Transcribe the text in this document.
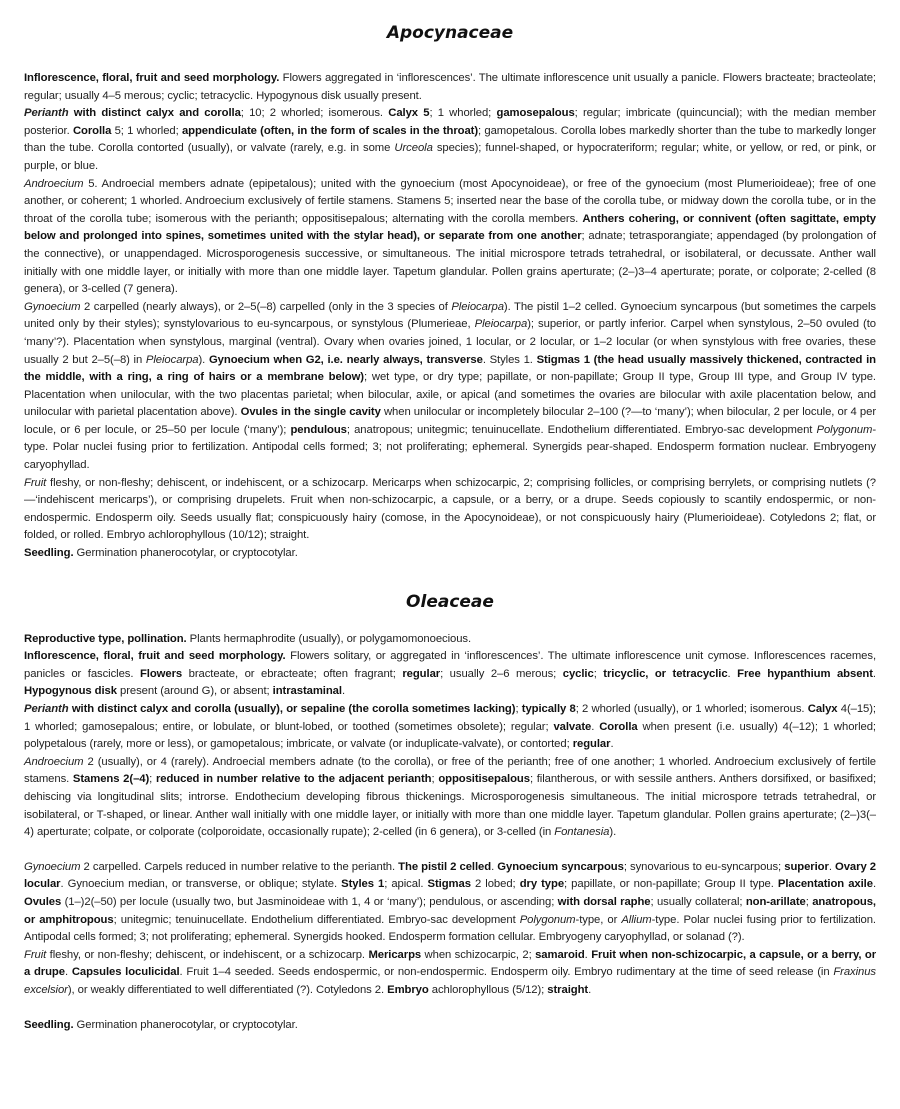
Apocynaceae

Inflorescence, floral, fruit and seed morphology. Flowers aggregated in ‘inflorescences’. The ultimate inflorescence unit usually a panicle. Flowers bracteate; bracteolate; regular; usually 4–5 merous; cyclic; tetracyclic. Hypogynous disk usually present.

Perianth with distinct calyx and corolla; 10; 2 whorled; isomerous. Calyx 5; 1 whorled; gamosepalous; regular; imbricate (quincuncial); with the median member posterior. Corolla 5; 1 whorled; appendiculate (often, in the form of scales in the throat); gamopetalous. Corolla lobes markedly shorter than the tube to markedly longer than the tube. Corolla contorted (usually), or valvate (rarely, e.g. in some Urceola species); funnel-shaped, or hypocrateriform; regular; white, or yellow, or red, or pink, or purple, or blue.

Androecium 5. Androecial members adnate (epipetalous); united with the gynoecium (most Apocynoideae), or free of the gynoecium (most Plumerioideae); free of one another, or coherent; 1 whorled. Androecium exclusively of fertile stamens. Stamens 5; inserted near the base of the corolla tube, or midway down the corolla tube, or in the throat of the corolla tube; isomerous with the perianth; oppositisepalous; alternating with the corolla members. Anthers cohering, or connivent (often sagittate, empty below and prolonged into spines, sometimes united with the stylar head), or separate from one another; adnate; tetrasporangiate; appendaged (by prolongation of the connective), or unappendaged. Microsporogenesis successive, or simultaneous. The initial microspore tetrads tetrahedral, or isobilateral, or decussate. Anther wall initially with one middle layer, or initially with more than one middle layer. Tapetum glandular. Pollen grains aperturate; (2–)3–4 aperturate; porate, or colporate; 2-celled (8 genera), or 3-celled (7 genera).

Gynoecium 2 carpelled (nearly always), or 2–5(–8) carpelled (only in the 3 species of Pleiocarpa). The pistil 1–2 celled. Gynoecium syncarpous (but sometimes the carpels united only by their styles); synstylovarious to eu-syncarpous, or synstylous (Plumerieae, Pleiocarpa); superior, or partly inferior. Carpel when synstylous, 2–50 ovuled (to ‘many’?). Placentation when synstylous, marginal (ventral). Ovary when ovaries joined, 1 locular, or 2 locular, or 1–2 locular (or when synstylous with free ovaries, these usually 2 but 2–5(–8) in Pleiocarpa). Gynoecium when G2, i.e. nearly always, transverse. Styles 1. Stigmas 1 (the head usually massively thickened, contracted in the middle, with a ring, a ring of hairs or a membrane below); wet type, or dry type; papillate, or non-papillate; Group II type, Group III type, and Group IV type. Placentation when unilocular, with the two placentas parietal; when bilocular, axile, or apical (and sometimes the ovaries are bilocular with axile placentation below, and unilocular with parietal placentation above). Ovules in the single cavity when unilocular or incompletely bilocular 2–100 (?—to ‘many’); when bilocular, 2 per locule, or 4 per locule, or 6 per locule, or 25–50 per locule (‘many’); pendulous; anatropous; unitegmic; tenuinucellate. Endothelium differentiated. Embryo-sac development Polygonum-type. Polar nuclei fusing prior to fertilization. Antipodal cells formed; 3; not proliferating; ephemeral. Synergids pear-shaped. Endosperm formation nuclear. Embryogeny caryophyllad.

Fruit fleshy, or non-fleshy; dehiscent, or indehiscent, or a schizocarp. Mericarps when schizocarpic, 2; comprising follicles, or comprising berrylets, or comprising nutlets (?—‘indehiscent mericarps’), or comprising drupelets. Fruit when non-schizocarpic, a capsule, or a berry, or a drupe. Seeds copiously to scantily endospermic, or non-endospermic. Endosperm oily. Seeds usually flat; conspicuously hairy (comose, in the Apocynoideae), or not conspicuously hairy (Plumerioideae). Cotyledons 2; flat, or folded, or rolled. Embryo achlorophyllous (10/12); straight.

Seedling. Germination phanerocotylar, or cryptocotylar.

Oleaceae

Reproductive type, pollination. Plants hermaphrodite (usually), or polygamomonoecious.

Inflorescence, floral, fruit and seed morphology. Flowers solitary, or aggregated in ‘inflorescences’. The ultimate inflorescence unit cymose. Inflorescences racemes, panicles or fascicles. Flowers bracteate, or ebracteate; often fragrant; regular; usually 2–6 merous; cyclic; tricyclic, or tetracyclic. Free hypanthium absent. Hypogynous disk present (around G), or absent; intrastaminal.

Perianth with distinct calyx and corolla (usually), or sepaline (the corolla sometimes lacking); typically 8; 2 whorled (usually), or 1 whorled; isomerous. Calyx 4(–15); 1 whorled; gamosepalous; entire, or lobulate, or blunt-lobed, or toothed (sometimes obsolete); regular; valvate. Corolla when present (i.e. usually) 4(–12); 1 whorled; polypetalous (rarely, more or less), or gamopetalous; imbricate, or valvate (or induplicate-valvate), or contorted; regular.

Androecium 2 (usually), or 4 (rarely). Androecial members adnate (to the corolla), or free of the perianth; free of one another; 1 whorled. Androecium exclusively of fertile stamens. Stamens 2(–4); reduced in number relative to the adjacent perianth; oppositisepalous; filantherous, or with sessile anthers. Anthers dorsifixed, or basifixed; dehiscing via longitudinal slits; introrse. Endothecium developing fibrous thickenings. Microsporogenesis simultaneous. The initial microspore tetrads tetrahedral, or isobilateral, or T-shaped, or linear. Anther wall initially with one middle layer, or initially with more than one middle layer. Tapetum glandular. Pollen grains aperturate; (2–)3(–4) aperturate; colpate, or colporate (colporoidate, occasionally rupate); 2-celled (in 6 genera), or 3-celled (in Fontanesia).

Gynoecium 2 carpelled. Carpels reduced in number relative to the perianth. The pistil 2 celled. Gynoecium syncarpous; synovarious to eu-syncarpous; superior. Ovary 2 locular. Gynoecium median, or transverse, or oblique; stylate. Styles 1; apical. Stigmas 2 lobed; dry type; papillate, or non-papillate; Group II type. Placentation axile. Ovules (1–)2(–50) per locule (usually two, but Jasminoideae with 1, 4 or ‘many’); pendulous, or ascending; with dorsal raphe; usually collateral; non-arillate; anatropous, or amphitropous; unitegmic; tenuinucellate. Endothelium differentiated. Embryo-sac development Polygonum-type, or Allium-type. Polar nuclei fusing prior to fertilization. Antipodal cells formed; 3; not proliferating; ephemeral. Synergids hooked. Endosperm formation cellular. Embryogeny caryophyllad, or solanad (?).

Fruit fleshy, or non-fleshy; dehiscent, or indehiscent, or a schizocarp. Mericarps when schizocarpic, 2; samaroid. Fruit when non-schizocarpic, a capsule, or a berry, or a drupe. Capsules loculicidal. Fruit 1–4 seeded. Seeds endospermic, or non-endospermic. Endosperm oily. Embryo rudimentary at the time of seed release (in Fraxinus excelsior), or weakly differentiated to well differentiated (?). Cotyledons 2. Embryo achlorophyllous (5/12); straight.

Seedling. Germination phanerocotylar, or cryptocotylar.
